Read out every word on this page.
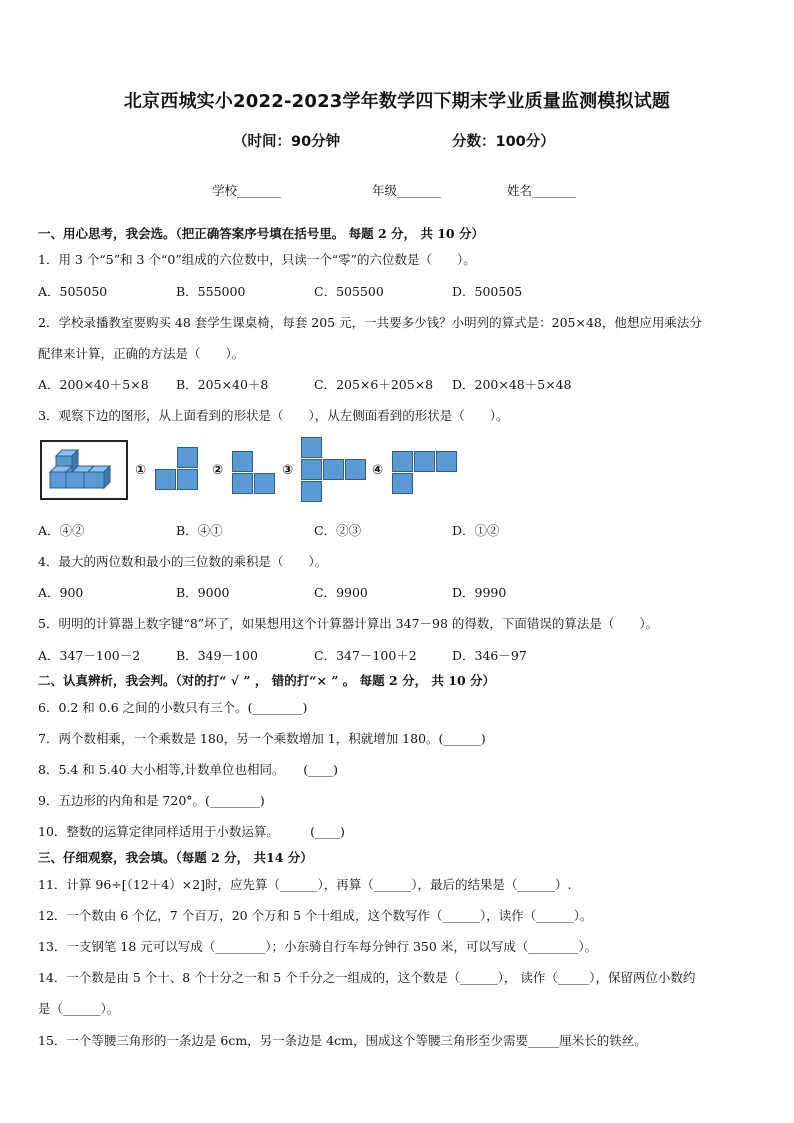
北京西城实小2022-2023学年数学四下期末学业质量监测模拟试题
（时间：90分钟	分数：100分）
学校_______	年级_______	姓名_______
一、用心思考，我会选。（把正确答案序号填在括号里。 每题 2 分， 共 10 分）
1．用 3 个“5”和 3 个“0”组成的六位数中，只读一个“零”的六位数是（　　）。
A．505050	B．555000	C．505500	D．500505
2．学校录播教室要购买 48 套学生课桌椅，每套 205 元，一共要多少钱？小明列的算式是：205×48，他想应用乘法分
配律来计算，正确的方法是（　　）。
A．200×40＋5×8 B．205×40＋8	C．205×6＋205×8 D．200×48＋5×48
3．观察下边的图形，从上面看到的形状是（　　），从左侧面看到的形状是（　　）。
①	②	③	④
A．④②	B．④①	C．②③	D．①②
4．最大的两位数和最小的三位数的乘积是（　　）。
A．900	B．9000	C．9900	D．9990
5．明明的计算器上数字键“8”坏了，如果想用这个计算器计算出 347－98 的得数，下面错误的算法是（　　）。
A．347－100－2	B．349－100	C．347－100＋2	D．346－97
二、认真辨析，我会判。（对的打“ √ ” ， 错的打“× ” 。 每题 2 分， 共 10 分）
6．0.2 和 0.6 之间的小数只有三个。(________)
7．两个数相乘，一个乘数是 180，另一个乘数增加 1，积就增加 180。(______)
8．5.4 和 5.40 大小相等,计数单位也相同。　　(____)
9．五边形的内角和是 720°。(________)
10．整数的运算定律同样适用于小数运算。　　　(____)
三、仔细观察，我会填。（每题 2 分， 共14 分）
11．计算 96÷[（12＋4）×2]时，应先算（______），再算（______），最后的结果是（______）.
12．一个数由 6 个亿，7 个百万，20 个万和 5 个十组成，这个数写作（______），读作（______）。
13．一支钢笔 18 元可以写成（________）；小东骑自行车每分钟行 350 米，可以写成（________）。
14．一个数是由 5 个十、8 个十分之一和 5 个千分之一组成的，这个数是（______）， 读作（_____），保留两位小数约
是（______）。
15．一个等腰三角形的一条边是 6cm，另一条边是 4cm，围成这个等腰三角形至少需要_____厘米长的铁丝。
